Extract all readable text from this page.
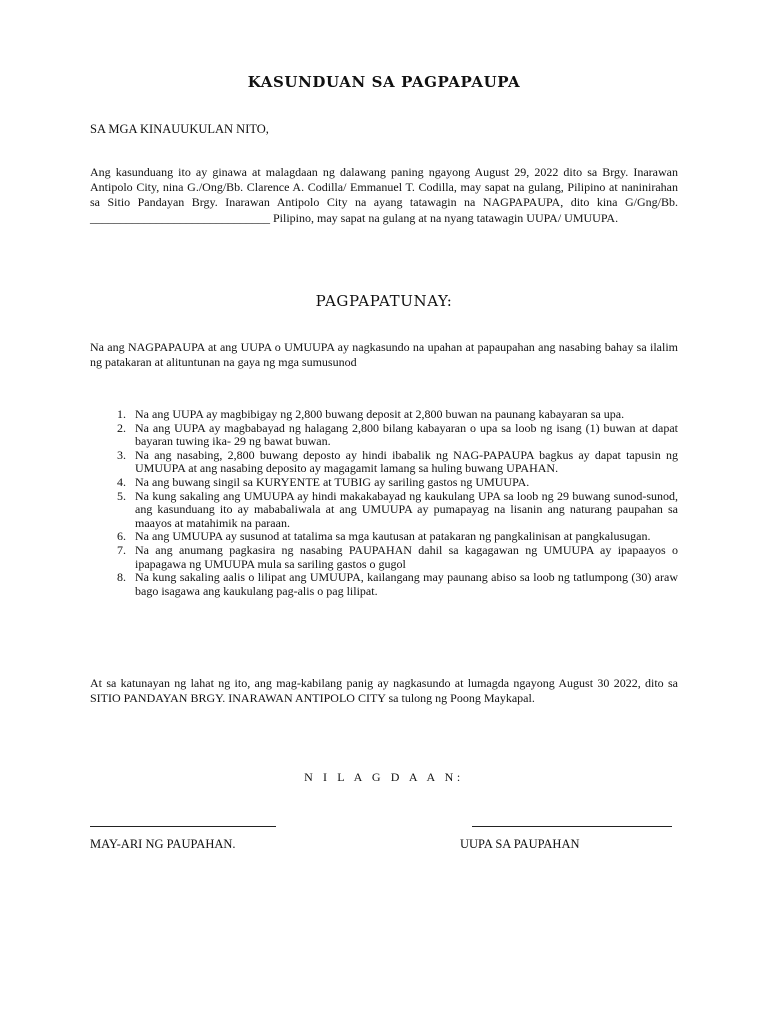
KASUNDUAN SA PAGPAPAUPA
SA MGA KINAUUKULAN NITO,
Ang kasunduang ito ay ginawa at malagdaan ng dalawang paning ngayong August 29, 2022 dito sa Brgy. Inarawan Antipolo City, nina G./Ong/Bb. Clarence A. Codilla/ Emmanuel T. Codilla, may sapat na gulang, Pilipino at naninirahan sa Sitio Pandayan Brgy. Inarawan Antipolo City na ayang tatawagin na NAGPAPAUPA, dito kina G/Gng/Bb. ______________________________ Pilipino, may sapat na gulang at na nyang tatawagin UUPA/ UMUUPA.
PAGPAPATUNAY:
Na ang NAGPAPAUPA at ang UUPA o UMUUPA ay nagkasundo na upahan at papaupahan ang nasabing bahay sa ilalim ng patakaran at alituntunan na gaya ng mga sumusunod
1. Na ang UUPA ay magbibigay ng 2,800 buwang deposit at 2,800 buwan na paunang kabayaran sa upa.
2. Na ang UUPA ay magbabayad ng halagang 2,800 bilang kabayaran o upa sa loob ng isang (1) buwan at dapat bayaran tuwing ika- 29 ng bawat buwan.
3. Na ang nasabing, 2,800 buwang deposto ay hindi ibabalik ng NAG-PAPAUPA bagkus ay dapat tapusin ng UMUUPA at ang nasabing deposito ay magagamit lamang sa huling buwang UPAHAN.
4. Na ang buwang singil sa KURYENTE at TUBIG ay sariling gastos ng UMUUPA.
5. Na kung sakaling ang UMUUPA ay hindi makakabayad ng kaukulang UPA sa loob ng 29 buwang sunod-sunod, ang kasunduang ito ay mababaliwala at ang UMUUPA ay pumapayag na lisanin ang naturang paupahan sa maayos at matahimik na paraan.
6. Na ang UMUUPA ay susunod at tatalima sa mga kautusan at patakaran ng pangkalinisan at pangkalusugan.
7. Na ang anumang pagkasira ng nasabing PAUPAHAN dahil sa kagagawan ng UMUUPA ay ipapaayos o ipapagawa ng UMUUPA mula sa sariling gastos o gugol
8. Na kung sakaling aalis o lilipat ang UMUUPA, kailangang may paunang abiso sa loob ng tatlumpong (30) araw bago isagawa ang kaukulang pag-alis o pag lilipat.
At sa katunayan ng lahat ng ito, ang mag-kabilang panig ay nagkasundo at lumagda ngayong August 30 2022, dito sa SITIO PANDAYAN BRGY. INARAWAN ANTIPOLO CITY sa tulong ng Poong Maykapal.
N I L A G D A A N:
MAY-ARI NG PAUPAHAN.	UUPA SA PAUPAHAN
